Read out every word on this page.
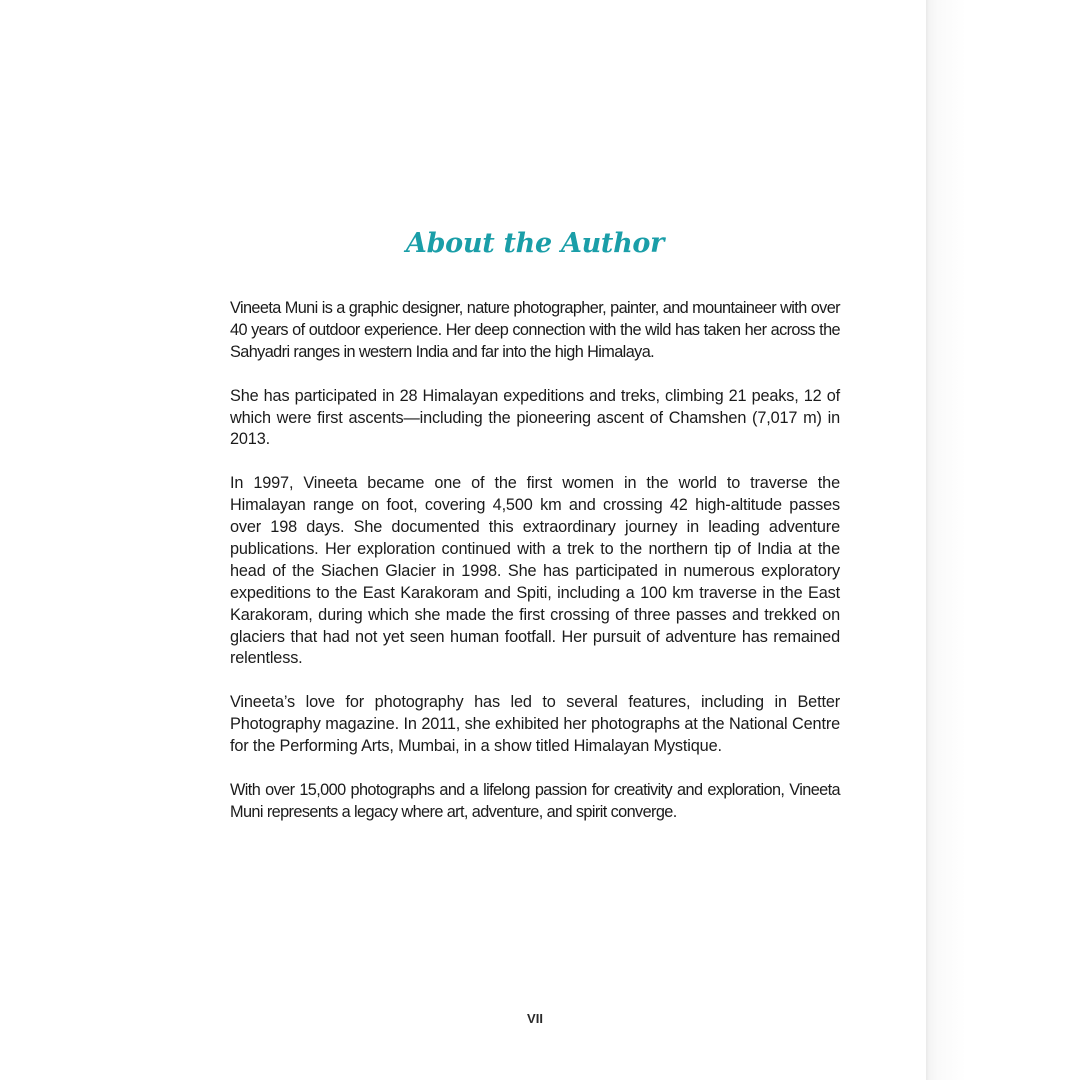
About the Author

Vineeta Muni is a graphic designer, nature photographer, painter, and mountaineer with over 40 years of outdoor experience. Her deep connection with the wild has taken her across the Sahyadri ranges in western India and far into the high Himalaya.

She has participated in 28 Himalayan expeditions and treks, climbing 21 peaks, 12 of which were first ascents—including the pioneering ascent of Chamshen (7,017 m) in 2013.

In 1997, Vineeta became one of the first women in the world to traverse the Himalayan range on foot, covering 4,500 km and crossing 42 high-altitude passes over 198 days. She documented this extraordinary journey in leading adventure publications. Her exploration continued with a trek to the northern tip of India at the head of the Siachen Glacier in 1998. She has participated in numerous exploratory expeditions to the East Karakoram and Spiti, including a 100 km traverse in the East Karakoram, during which she made the first crossing of three passes and trekked on glaciers that had not yet seen human footfall. Her pursuit of adventure has remained relentless.

Vineeta’s love for photography has led to several features, including in Better Photography magazine. In 2011, she exhibited her photographs at the National Centre for the Performing Arts, Mumbai, in a show titled Himalayan Mystique.

With over 15,000 photographs and a lifelong passion for creativity and exploration, Vineeta Muni represents a legacy where art, adventure, and spirit converge.

VII
